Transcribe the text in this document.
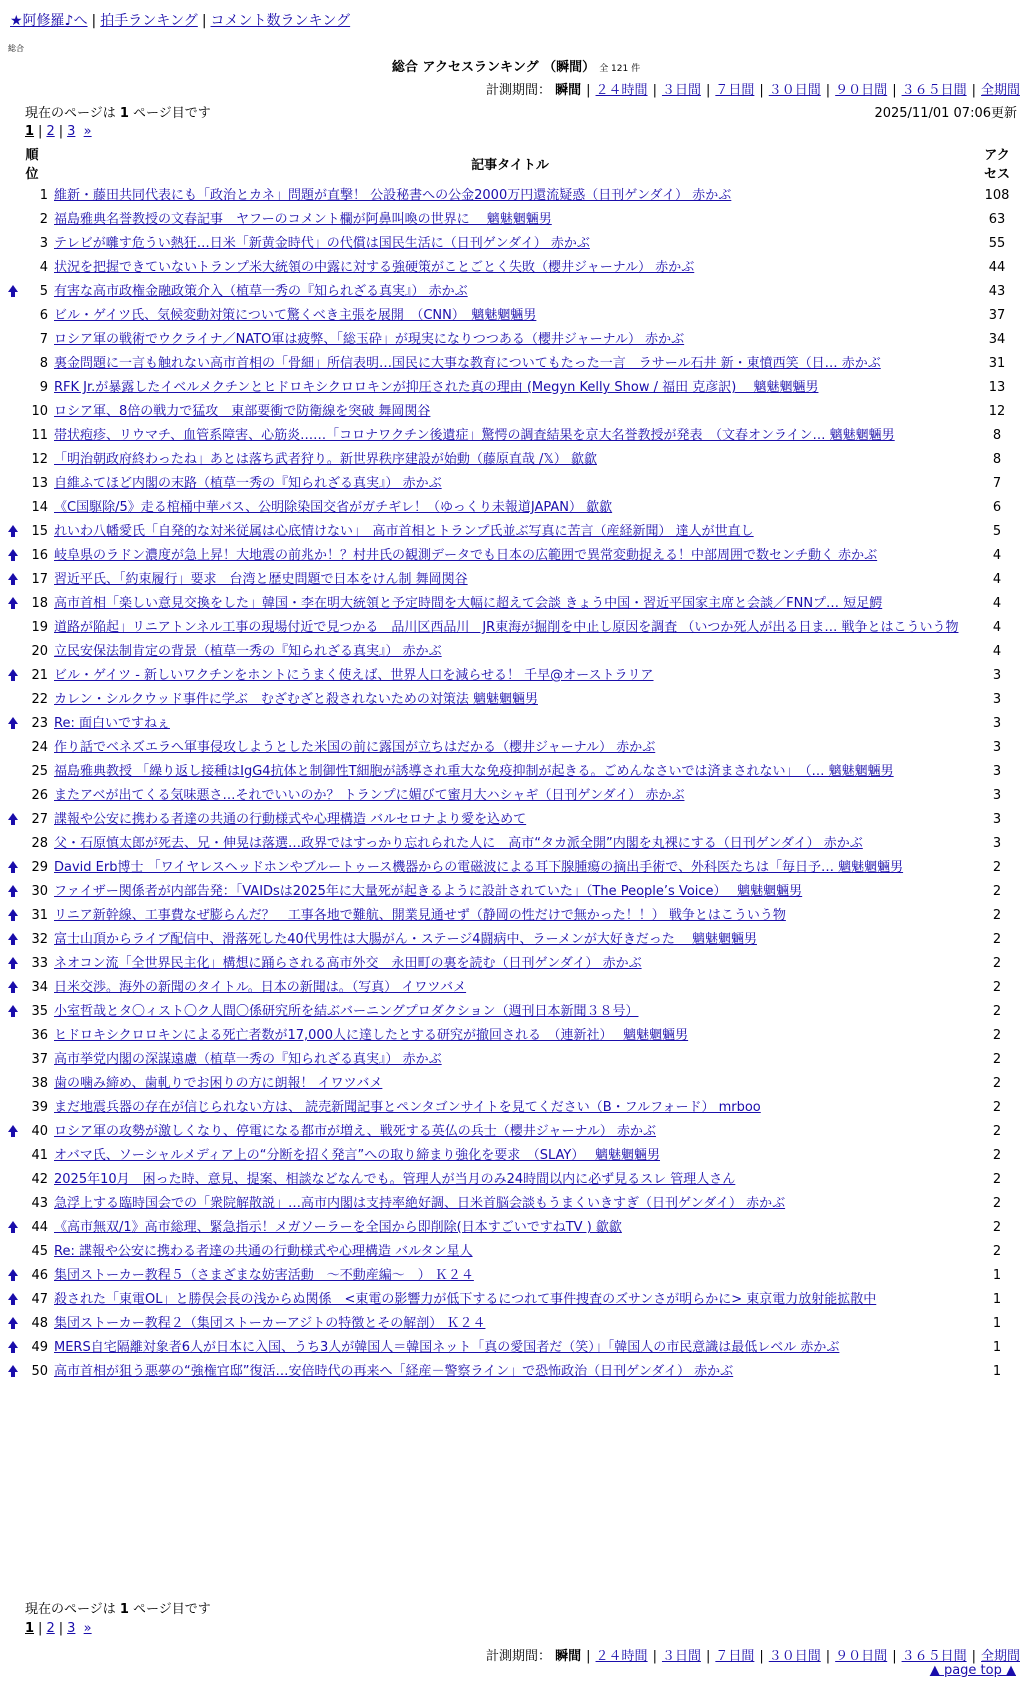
★阿修羅♪へ | 拍手ランキング | コメント数ランキング
総合
総合 アクセスランキング （瞬間） 全 121 件
計測期間： 瞬間 | ２４時間 | ３日間 | ７日間 | ３０日間 | ９０日間 | ３６５日間 | 全期間
現在のページは 1 ページ目です	2025/11/01 07:06更新
1 | 2 | 3 »
順位		記事タイトル	アクセス

	1	維新・藤田共同代表にも「政治とカネ」問題が直撃！ 公設秘書への公金2000万円還流疑惑（日刊ゲンダイ） 赤かぶ	108
	2	福島雅典名誉教授の文春記事　ヤフーのコメント欄が阿鼻叫喚の世界に　 魑魅魍魎男	63
	3	テレビが囃す危うい熱狂…日米「新黄金時代」の代償は国民生活に（日刊ゲンダイ） 赤かぶ	55
	4	状況を把握できていないトランプ米大統領の中露に対する強硬策がことごとく失敗（櫻井ジャーナル） 赤かぶ	44
	5	有害な高市政権金融政策介入（植草一秀の『知られざる真実』） 赤かぶ	43
	6	ビル・ゲイツ氏、気候変動対策について驚くべき主張を展開　（CNN）　魑魅魍魎男	37
	7	ロシア軍の戦術でウクライナ／NATO軍は疲弊、「総玉砕」が現実になりつつある（櫻井ジャーナル） 赤かぶ	34
	8	裏金問題に一言も触れない高市首相の「骨細」所信表明…国民に大事な教育についてもたった一言　ラサール石井 新・東憤西笑（日… 赤かぶ	31
	9	RFK Jr.が暴露したイベルメクチンとヒドロキシクロロキンが抑圧された真の理由 (Megyn Kelly Show / 福田 克彦訳)　 魑魅魍魎男	13
	10	ロシア軍、8倍の戦力で猛攻　東部要衝で防衛線を突破 舞岡関谷	12
	11	帯状疱疹、リウマチ、血管系障害、心筋炎……「コロナワクチン後遺症」驚愕の調査結果を京大名誉教授が発表　（文春オンライン… 魑魅魍魎男	8
	12	「明治朝政府終わったね」あとは落ち武者狩り。新世界秩序建設が始動（藤原直哉 /𝕏） 歙歙	8
	13	自維ふてほど内閣の末路（植草一秀の『知られざる真実』） 赤かぶ	7
	14	《C国駆除/5》走る棺桶中華バス、公明除染国交省がガチギレ！（ゆっくり未報道JAPAN） 歙歙	6
	15	れいわ八幡愛氏「自発的な対米従属は心底情けない」　高市首相とトランプ氏並ぶ写真に苦言（産経新聞） 達人が世直し	5
	16	岐阜県のラドン濃度が急上昇！大地震の前兆か！？村井氏の観測データでも日本の広範囲で異常変動捉える！中部周囲で数センチ動く 赤かぶ	4
	17	習近平氏、「約束履行」要求　台湾と歴史問題で日本をけん制 舞岡関谷	4
	18	高市首相「楽しい意見交換をした」韓国・李在明大統領と予定時間を大幅に超えて会談 きょう中国・習近平国家主席と会談／FNNプ… 短足鰐	4
	19	道路が陥起」リニアトンネル工事の現場付近で見つかる　品川区西品川　JR東海が掘削を中止し原因を調査 （いつか死人が出る日ま… 戦争とはこういう物	4
	20	立民安保法制肯定の背景（植草一秀の『知られざる真実』） 赤かぶ	4
	21	ビル・ゲイツ - 新しいワクチンをホントにうまく使えば、世界人口を減らせる！ 千早@オーストラリア	3
	22	カレン・シルクウッド事件に学ぶ　むざむざと殺されないための対策法 魑魅魍魎男	3
	23	Re: 面白いですねぇ	3
	24	作り話でベネズエラへ軍事侵攻しようとした米国の前に露国が立ちはだかる（櫻井ジャーナル） 赤かぶ	3
	25	福島雅典教授 「繰り返し接種はIgG4抗体と制御性T細胞が誘導され重大な免疫抑制が起きる。ごめんなさいでは済まされない」　（… 魑魅魍魎男	3
	26	またアベが出てくる気味悪さ…それでいいのか？ トランプに媚びて蜜月大ハシャギ（日刊ゲンダイ） 赤かぶ	3
	27	諜報や公安に携わる者達の共通の行動様式や心理構造 バルセロナより愛を込めて	3
	28	父・石原慎太郎が死去、兄・伸晃は落選…政界ではすっかり忘れられた人に　高市“タカ派全開”内閣を丸裸にする（日刊ゲンダイ） 赤かぶ	3
	29	David Erb博士 「ワイヤレスヘッドホンやブルートゥース機器からの電磁波による耳下腺腫瘍の摘出手術で、外科医たちは「毎日予… 魑魅魍魎男	2
	30	ファイザー関係者が内部告発：「VAIDsは2025年に大量死が起きるように設計されていた」（The People’s Voice）　 魑魅魍魎男	2
	31	リニア新幹線、工事費なぜ膨らんだ？　工事各地で難航、開業見通せず（静岡の性だけで無かった！！） 戦争とはこういう物	2
	32	富士山頂からライブ配信中、滑落死した40代男性は大腸がん・ステージ4闘病中、ラーメンが大好きだった　 魑魅魍魎男	2
	33	ネオコン流「全世界民主化」構想に踊らされる高市外交　永田町の裏を読む（日刊ゲンダイ） 赤かぶ	2
	34	日米交渉。海外の新聞のタイトル。日本の新聞は。（写真） イワツバメ	2
	35	小室哲哉とタ〇ィスト〇ク人間〇係研究所を結ぶバーニングプロダクション（週刊日本新聞３８号）	2
	36	ヒドロキシクロロキンによる死亡者数が17,000人に達したとする研究が撤回される　（連新社）　 魑魅魍魎男	2
	37	高市挙党内閣の深謀遠慮（植草一秀の『知られざる真実』） 赤かぶ	2
	38	歯の噛み締め、歯軋りでお困りの方に朗報！ イワツバメ	2
	39	まだ地震兵器の存在が信じられない方は、 読売新聞記事とペンタゴンサイトを見てください（B・フルフォード） mrboo	2
	40	ロシア軍の攻勢が激しくなり、停電になる都市が増え、戦死する英仏の兵士（櫻井ジャーナル） 赤かぶ	2
	41	オバマ氏、ソーシャルメディア上の“分断を招く発言”への取り締まり強化を要求　（SLAY）　 魑魅魍魎男	2
	42	2025年10月　困った時、意見、提案、相談などなんでも。管理人が当月のみ24時間以内に必ず見るスレ 管理人さん	2
	43	急浮上する臨時国会での「衆院解散説」…高市内閣は支持率絶好調、日米首脳会談もうまくいきすぎ（日刊ゲンダイ） 赤かぶ	2
	44	《高市無双/1》高市総理、緊急指示！メガソーラーを全国から即削除(日本すごいですねTV ) 歙歙	2
	45	Re: 諜報や公安に携わる者達の共通の行動様式や心理構造 バルタン星人	2
	46	集団ストーカー教程５（さまざまな妨害活動　～不動産編～　） Ｋ２４	1
	47	殺された「東電OL」と勝俣会長の浅からぬ関係　<東電の影響力が低下するにつれて事件捜査のズサンさが明らかに> 東京電力放射能拡散中	1
	48	集団ストーカー教程２（集団ストーカーアジトの特徴とその解剖） Ｋ２４	1
	49	MERS自宅隔離対象者6人が日本に入国、うち3人が韓国人＝韓国ネット「真の愛国者だ（笑）」「韓国人の市民意識は最低レベル 赤かぶ	1
	50	高市首相が狙う悪夢の“強権官邸”復活…安倍時代の再来へ「経産－警察ライン」で恐怖政治（日刊ゲンダイ） 赤かぶ	1
現在のページは 1 ページ目です
1 | 2 | 3 »
計測期間： 瞬間 | ２４時間 | ３日間 | ７日間 | ３０日間 | ９０日間 | ３６５日間 | 全期間
▲ page top ▲
